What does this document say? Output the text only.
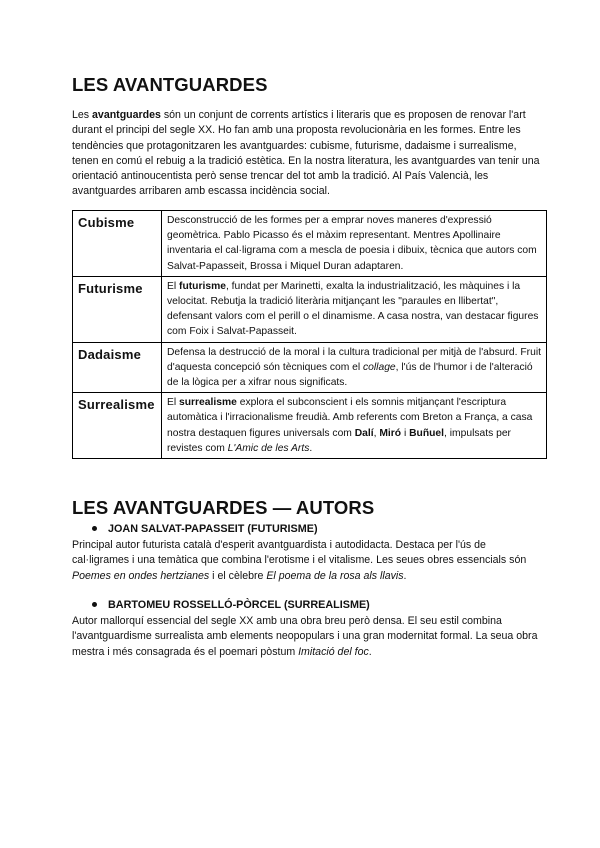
LES AVANTGUARDES

Les avantguardes són un conjunt de corrents artístics i literaris que es proposen de renovar l'art durant el principi del segle XX. Ho fan amb una proposta revolucionària en les formes. Entre les tendències que protagonitzaren les avantguardes: cubisme, futurisme, dadaisme i surrealisme, tenen en comú el rebuig a la tradició estètica. En la nostra literatura, les avantguardes van tenir una orientació antinoucentista però sense trencar del tot amb la tradició. Al País Valencià, les avantguardes arribaren amb escassa incidència social.

Cubisme	Desconstrucció de les formes per a emprar noves maneres d'expressió geomètrica. Pablo Picasso és el màxim representant. Mentres Apollinaire inventaria el cal·ligrama com a mescla de poesia i dibuix, tècnica que autors com Salvat-Papasseit, Brossa i Miquel Duran adaptaren.
Futurisme	El futurisme, fundat per Marinetti, exalta la industrialització, les màquines i la velocitat. Rebutja la tradició literària mitjançant les "paraules en llibertat", defensant valors com el perill o el dinamisme. A casa nostra, van destacar figures com Foix i Salvat-Papasseit.
Dadaisme	Defensa la destrucció de la moral i la cultura tradicional per mitjà de l'absurd. Fruit d'aquesta concepció són tècniques com el collage, l'ús de l'humor i de l'alteració de la lògica per a xifrar nous significats.
Surrealisme	El surrealisme explora el subconscient i els somnis mitjançant l'escriptura automàtica i l'irracionalisme freudià. Amb referents com Breton a França, a casa nostra destaquen figures universals com Dalí, Miró i Buñuel, impulsats per revistes com L'Amic de les Arts.
LES AVANTGUARDES — AUTORS
JOAN SALVAT-PAPASSEIT (FUTURISME)

Principal autor futurista català d'esperit avantguardista i autodidacta. Destaca per l'ús de cal·ligrames i una temàtica que combina l'erotisme i el vitalisme. Les seues obres essencials són Poemes en ondes hertzianes i el cèlebre El poema de la rosa als llavis.

BARTOMEU ROSSELLÓ-PÒRCEL (SURREALISME)

Autor mallorquí essencial del segle XX amb una obra breu però densa. El seu estil combina l'avantguardisme surrealista amb elements neopopulars i una gran modernitat formal. La seua obra mestra i més consagrada és el poemari pòstum Imitació del foc.
